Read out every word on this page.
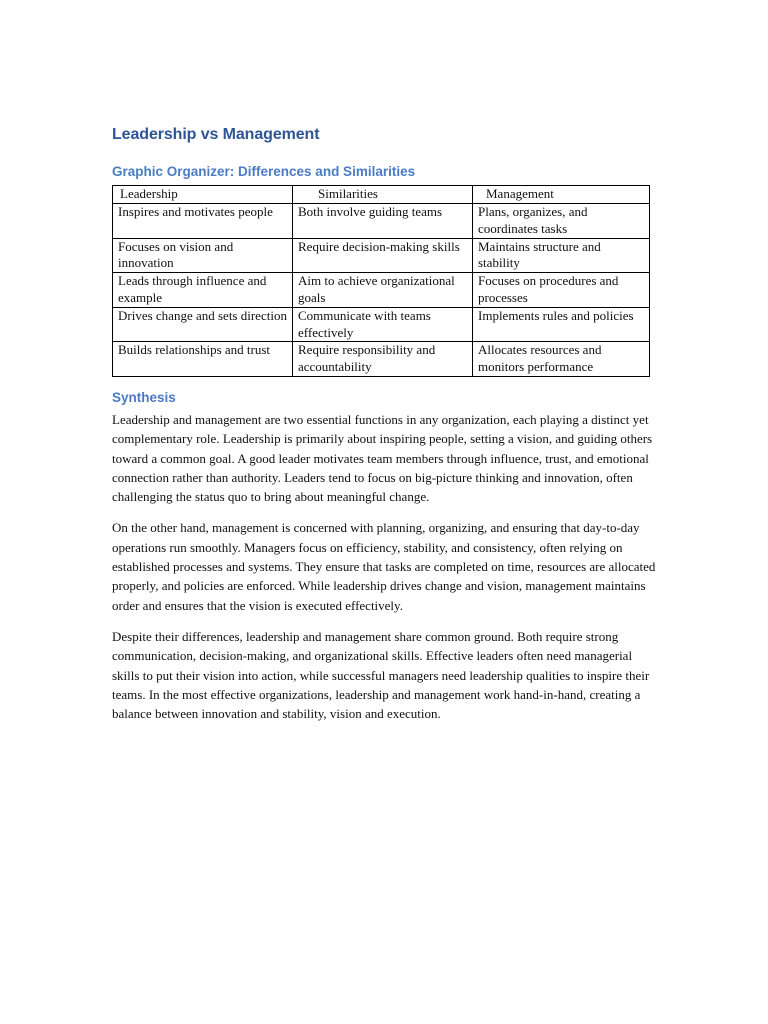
Leadership vs Management
Graphic Organizer: Differences and Similarities
Leadership	Similarities	Management
Inspires and motivates people	Both involve guiding teams	Plans, organizes, and coordinates tasks
Focuses on vision and innovation	Require decision-making skills	Maintains structure and stability
Leads through influence and example	Aim to achieve organizational goals	Focuses on procedures and processes
Drives change and sets direction	Communicate with teams effectively	Implements rules and policies
Builds relationships and trust	Require responsibility and accountability	Allocates resources and monitors performance
Synthesis

Leadership and management are two essential functions in any organization, each playing a distinct yet complementary role. Leadership is primarily about inspiring people, setting a vision, and guiding others toward a common goal. A good leader motivates team members through influence, trust, and emotional connection rather than authority. Leaders tend to focus on big-picture thinking and innovation, often challenging the status quo to bring about meaningful change.

On the other hand, management is concerned with planning, organizing, and ensuring that day-to-day operations run smoothly. Managers focus on efficiency, stability, and consistency, often relying on established processes and systems. They ensure that tasks are completed on time, resources are allocated properly, and policies are enforced. While leadership drives change and vision, management maintains order and ensures that the vision is executed effectively.

Despite their differences, leadership and management share common ground. Both require strong communication, decision-making, and organizational skills. Effective leaders often need managerial skills to put their vision into action, while successful managers need leadership qualities to inspire their teams. In the most effective organizations, leadership and management work hand-in-hand, creating a balance between innovation and stability, vision and execution.
